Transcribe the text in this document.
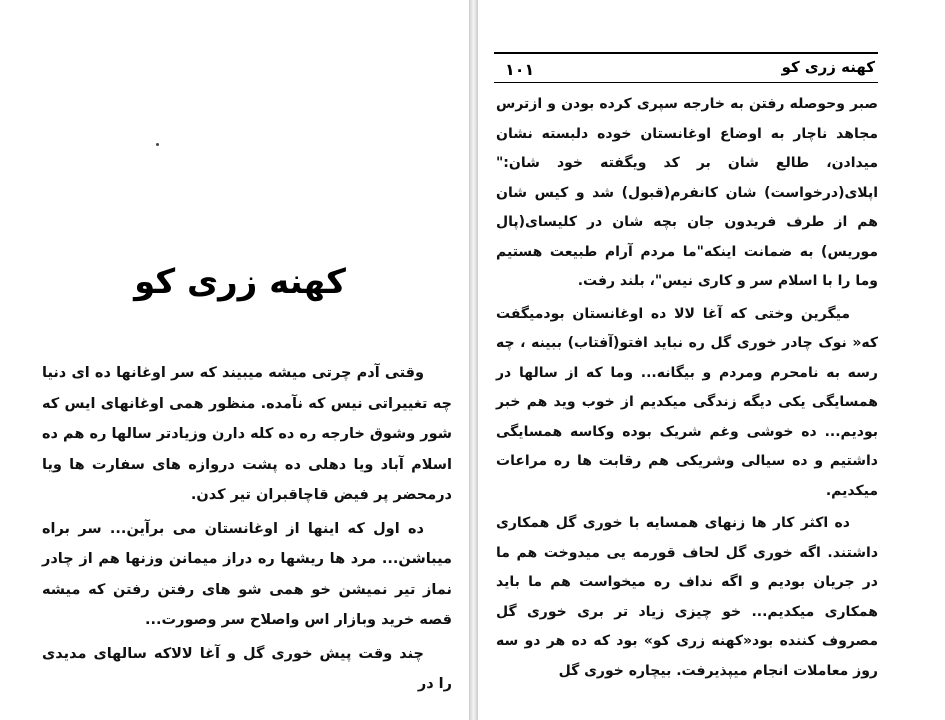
کهنه زری کو

وقتی آدم چرتی میشه میبیند که سر اوغانها ده ای دنیا چه تغییراتی نیس که نآمده. منظور همی اوغانهای ایس که شور وشوق خارجه ره ده کله دارن وزیادتر سالها ره هم ده اسلام آباد ویا دهلی ده پشت دروازه های سفارت ها ویا درمحضر پر فیض قاچاقبران تیر کدن.

ده اول که اینها از اوغانستان می برآین... سر براه میباشن... مرد ها ریشها ره دراز میمانن وزنها هم از چادر نماز تیر نمیشن خو همی شو های رفتن رفتن که میشه قصه خرید وبازار اس واصلاح سر وصورت...

چند وقت پیش خوری گل و آغا لالاکه سالهای مدیدی را در

کهنه زری کو
۱۰۱

صبر وحوصله رفتن به خارجه سپری کرده بودن و ازترس مجاهد ناچار به اوضاع اوغانستان خوده دلبسته نشان میدادن، طالع شان بر کد ویگفته خود شان:" اپلای(درخواست) شان کانفرم(قبول) شد و کیس شان هم از طرف فریدون جان بچه شان در کلیسای(پال موریس) به ضمانت اینکه"ما مردم آرام طبیعت هستیم وما را با اسلام سر و کاری نیس"، بلند رفت.

میگرین وختی که آغا لالا ده اوغانستان بودمیگفت که« نوک چادر خوری گل ره نباید افتو(آفتاب) ببینه ، چه رسه به نامحرم ومردم و بیگانه... وما که از سالها در همسایگی یکی دیگه زندگی میکدیم از خوب وید هم خبر بودیم... ده خوشی وغم شریک بوده وکاسه همسایگی داشتیم و ده سیالی وشریکی هم رقابت ها ره مراعات میکدیم.

ده اکثر کار ها زنهای همسایه با خوری گل همکاری داشتند. اگه خوری گل لحاف قورمه یی میدوخت هم ما در جریان بودیم و اگه نداف ره میخواست هم ما باید همکاری میکدیم... خو چیزی زیاد تر بری خوری گل مصروف کننده بود«کهنه زری کو» بود که ده هر دو سه روز معاملات انجام میپذیرفت. بیچاره خوری گل
